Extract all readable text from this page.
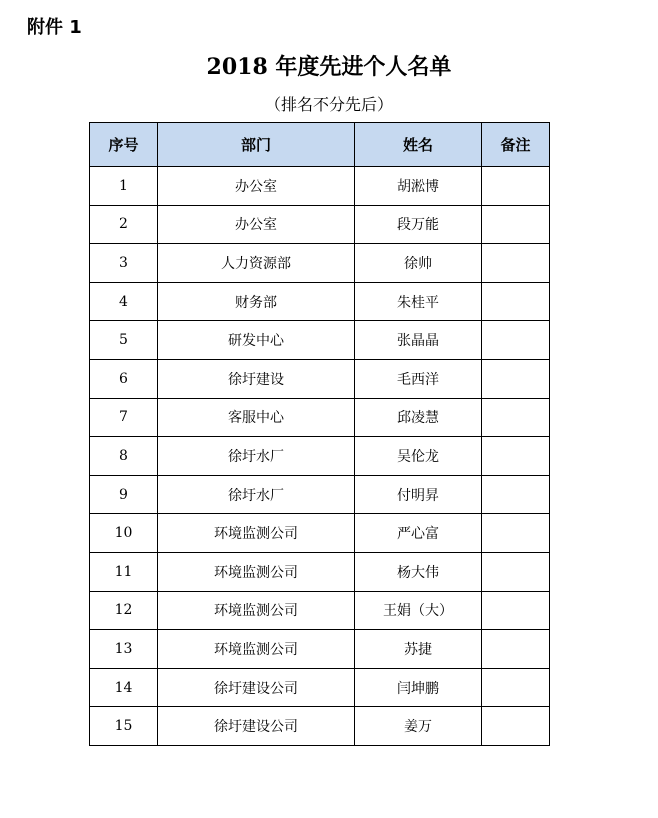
附件 1
2018 年度先进个人名单
（排名不分先后）
序号	部门	姓名	备注
1	办公室	胡淞博	
2	办公室	段万能	
3	人力资源部	徐帅	
4	财务部	朱桂平	
5	研发中心	张晶晶	
6	徐圩建设	毛西洋	
7	客服中心	邱凌慧	
8	徐圩水厂	吴伦龙	
9	徐圩水厂	付明昇	
10	环境监测公司	严心富	
11	环境监测公司	杨大伟	
12	环境监测公司	王娟（大）	
13	环境监测公司	苏捷	
14	徐圩建设公司	闫坤鹏	
15	徐圩建设公司	姜万	
